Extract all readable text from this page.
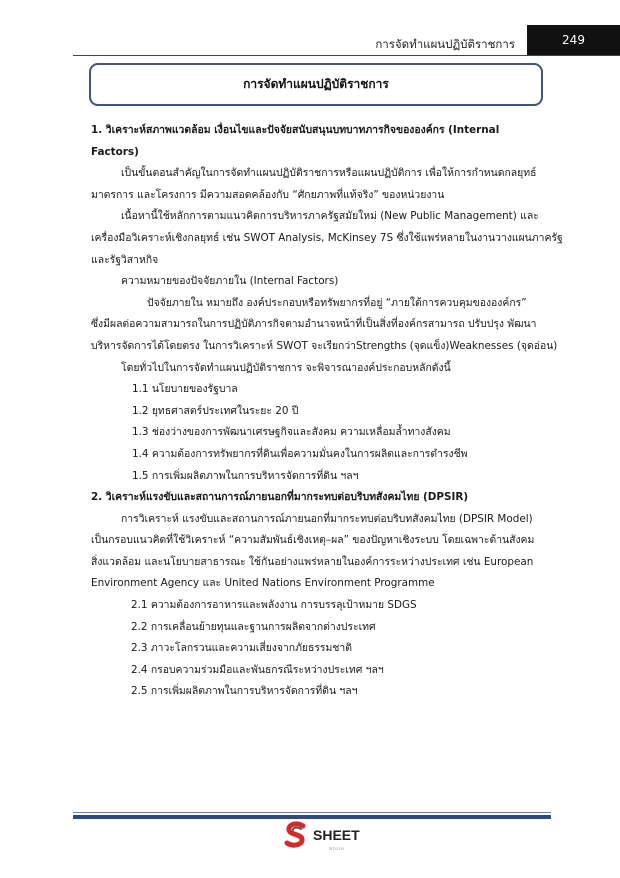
การจัดทำแผนปฏิบัติราชการ	249
การจัดทำแผนปฏิบัติราชการ

1. วิเคราะห์สภาพแวดล้อม เงื่อนไขและปัจจัยสนับสนุนบทบาทภารกิจขององค์กร (Internal

Factors)

เป็นขั้นตอนสำคัญในการจัดทำแผนปฏิบัติราชการหรือแผนปฏิบัติการ เพื่อให้การกำหนดกลยุทธ์

มาตรการ และโครงการ มีความสอดคล้องกับ “ศักยภาพที่แท้จริง” ของหน่วยงาน

เนื้อหานี้ใช้หลักการตามแนวคิดการบริหารภาครัฐสมัยใหม่ (New Public Management) และ

เครื่องมือวิเคราะห์เชิงกลยุทธ์ เช่น SWOT Analysis, McKinsey 7S ซึ่งใช้แพร่หลายในงานวางแผนภาครัฐ

และรัฐวิสาหกิจ

ความหมายของปัจจัยภายใน (Internal Factors)

ปัจจัยภายใน หมายถึง องค์ประกอบหรือทรัพยากรที่อยู่ “ภายใต้การควบคุมขององค์กร”

ซึ่งมีผลต่อความสามารถในการปฏิบัติภารกิจตามอำนาจหน้าที่เป็นสิ่งที่องค์กรสามารถ ปรับปรุง พัฒนา

บริหารจัดการได้โดยตรง ในการวิเคราะห์ SWOT จะเรียกว่าStrengths (จุดแข็ง)Weaknesses (จุดอ่อน)

โดยทั่วไปในการจัดทำแผนปฏิบัติราชการ จะพิจารณาองค์ประกอบหลักดังนี้

1.1 นโยบายของรัฐบาล

1.2 ยุทธศาสตร์ประเทศในระยะ 20 ปี

1.3 ช่องว่างของการพัฒนาเศรษฐกิจและสังคม ความเหลื่อมล้ำทางสังคม

1.4 ความต้องการทรัพยากรที่ดินเพื่อความมั่นคงในการผลิตและการดำรงชีพ

1.5 การเพิ่มผลิตภาพในการบริหารจัดการที่ดิน ฯลฯ

2. วิเคราะห์แรงขับและสถานการณ์ภายนอกที่มากระทบต่อบริบทสังคมไทย (DPSIR)

การวิเคราะห์ แรงขับและสถานการณ์ภายนอกที่มากระทบต่อบริบทสังคมไทย (DPSIR Model)

เป็นกรอบแนวคิดที่ใช้วิเคราะห์ “ความสัมพันธ์เชิงเหตุ–ผล” ของปัญหาเชิงระบบ โดยเฉพาะด้านสังคม

สิ่งแวดล้อม และนโยบายสาธารณะ ใช้กันอย่างแพร่หลายในองค์การระหว่างประเทศ เช่น European

Environment Agency และ United Nations Environment Programme

2.1 ความต้องการอาหารและพลังงาน การบรรลุเป้าหมาย SDGS

2.2 การเคลื่อนย้ายทุนและฐานการผลิตจากต่างประเทศ

2.3 ภาวะโลกรวนและความเสี่ยงจากภัยธรรมชาติ

2.4 กรอบความร่วมมือและพันธกรณีระหว่างประเทศ ฯลฯ

2.5 การเพิ่มผลิตภาพในการบริหารจัดการที่ดิน ฯลฯ

SHEET
Store
